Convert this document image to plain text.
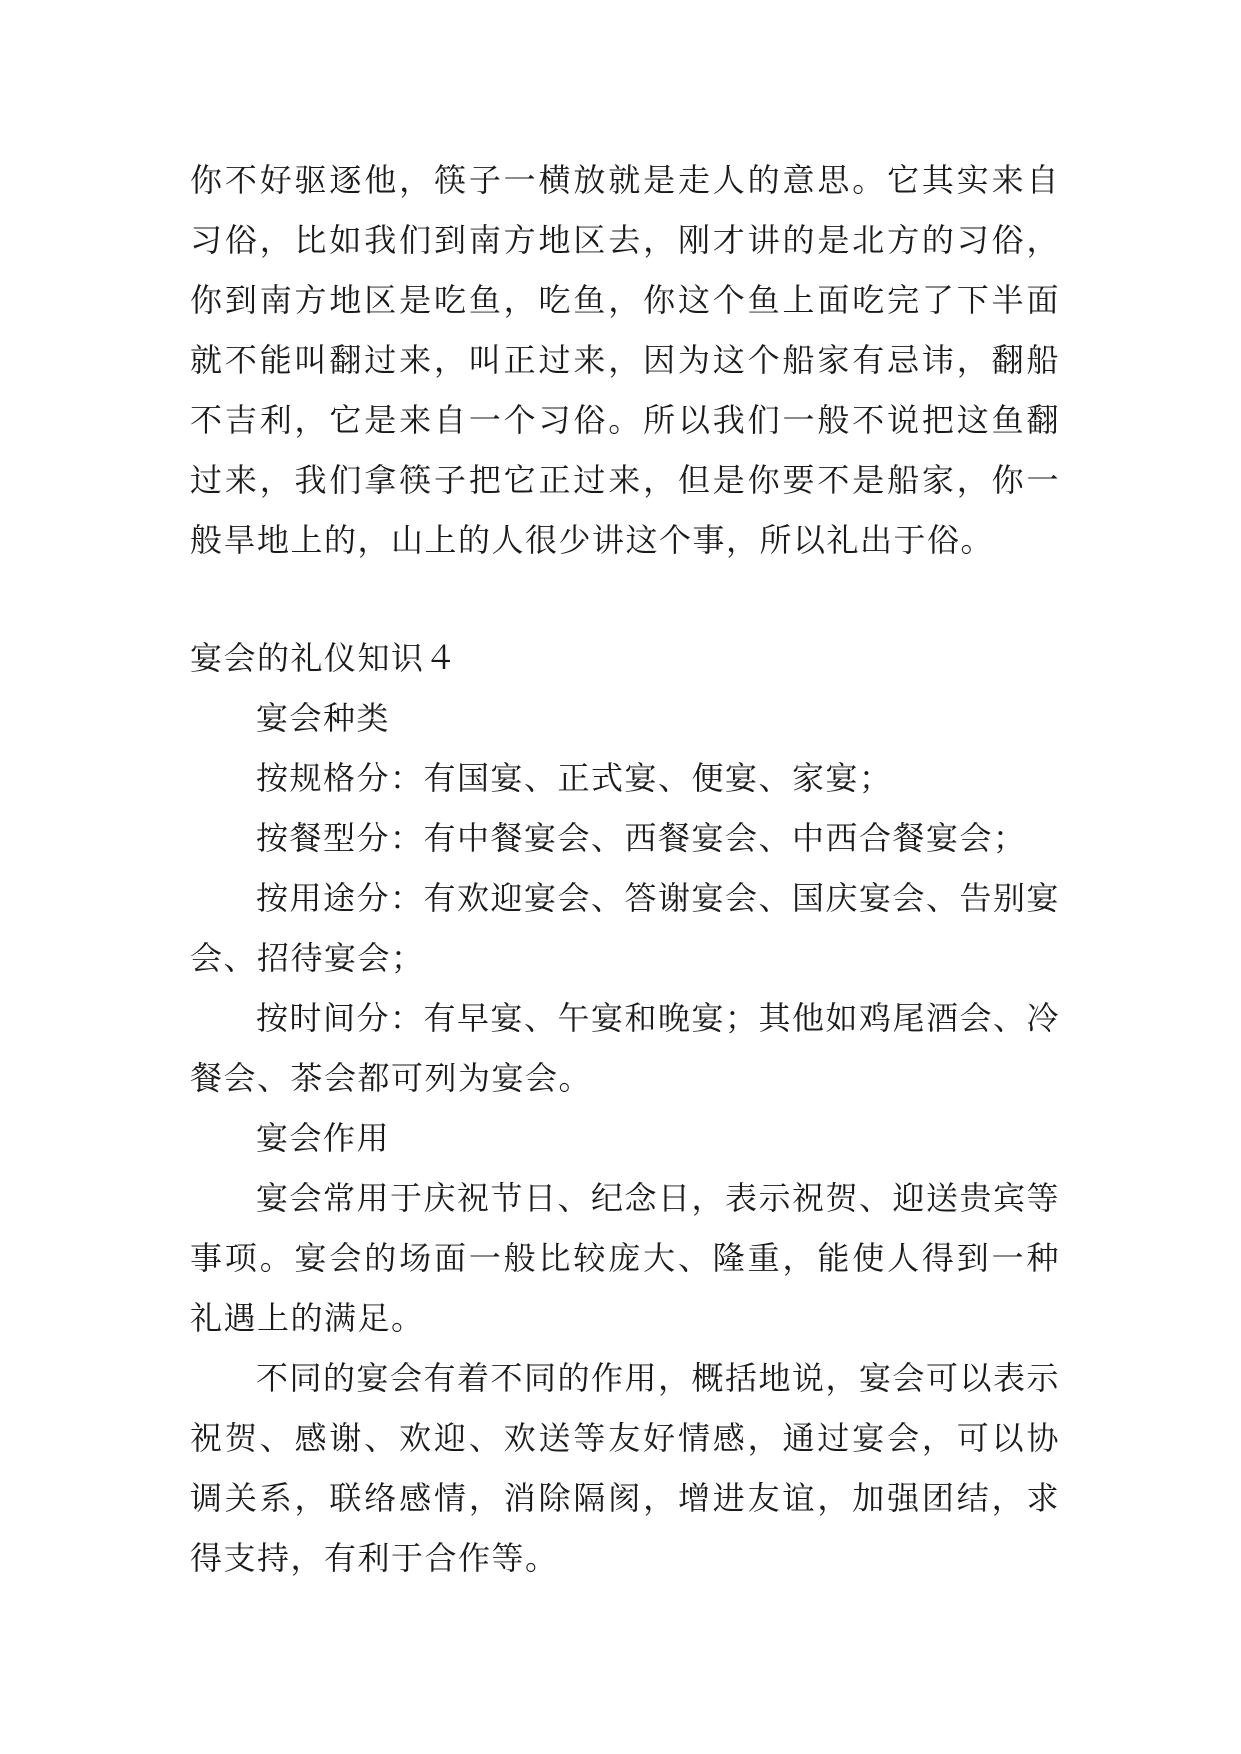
你不好驱逐他，筷子一横放就是走人的意思。它其实来自习俗，比如我们到南方地区去，刚才讲的是北方的习俗，你到南方地区是吃鱼，吃鱼，你这个鱼上面吃完了下半面就不能叫翻过来，叫正过来，因为这个船家有忌讳，翻船不吉利，它是来自一个习俗。所以我们一般不说把这鱼翻过来，我们拿筷子把它正过来，但是你要不是船家，你一般旱地上的，山上的人很少讲这个事，所以礼出于俗。

宴会的礼仪知识４

宴会种类

按规格分：有国宴、正式宴、便宴、家宴；

按餐型分：有中餐宴会、西餐宴会、中西合餐宴会；

按用途分：有欢迎宴会、答谢宴会、国庆宴会、告别宴会、招待宴会；

按时间分：有早宴、午宴和晚宴；其他如鸡尾酒会、冷餐会、茶会都可列为宴会。

宴会作用

宴会常用于庆祝节日、纪念日，表示祝贺、迎送贵宾等事项。宴会的场面一般比较庞大、隆重，能使人得到一种礼遇上的满足。

不同的宴会有着不同的作用，概括地说，宴会可以表示祝贺、感谢、欢迎、欢送等友好情感，通过宴会，可以协调关系，联络感情，消除隔阂，增进友谊，加强团结，求得支持，有利于合作等。
